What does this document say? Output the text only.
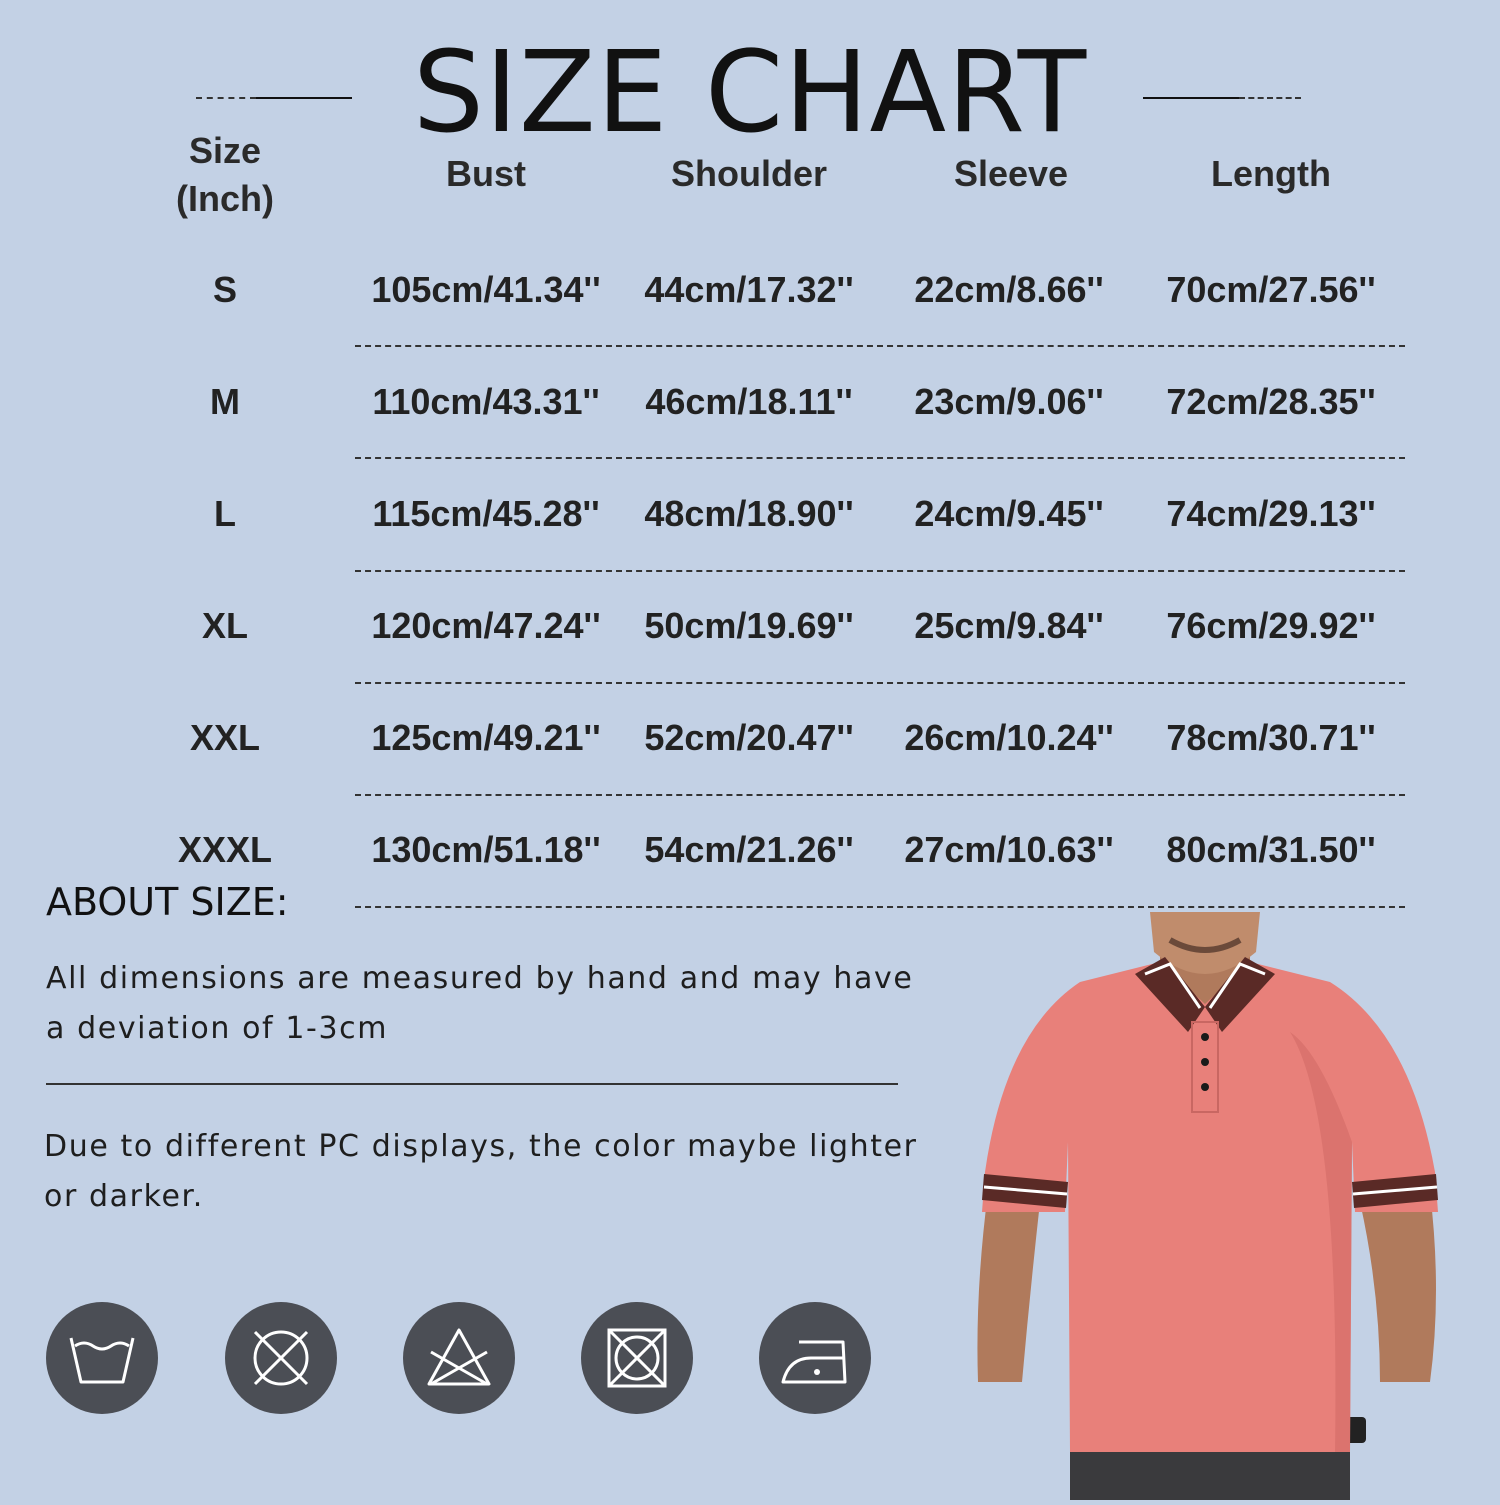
SIZE CHART
Size
(Inch)
Bust	Shoulder	Sleeve	Length
S	105cm/41.34''	44cm/17.32''	22cm/8.66''	70cm/27.56''
M	110cm/43.31''	46cm/18.11''	23cm/9.06''	72cm/28.35''
L	115cm/45.28''	48cm/18.90''	24cm/9.45''	74cm/29.13''
XL	120cm/47.24''	50cm/19.69''	25cm/9.84''	76cm/29.92''
XXL	125cm/49.21''	52cm/20.47''	26cm/10.24''	78cm/30.71''
XXXL	130cm/51.18''	54cm/21.26''	27cm/10.63''	80cm/31.50''
ABOUT SIZE:
All dimensions are measured by hand and may have
a deviation of 1-3cm
Due to different PC displays, the color maybe lighter
or darker.
